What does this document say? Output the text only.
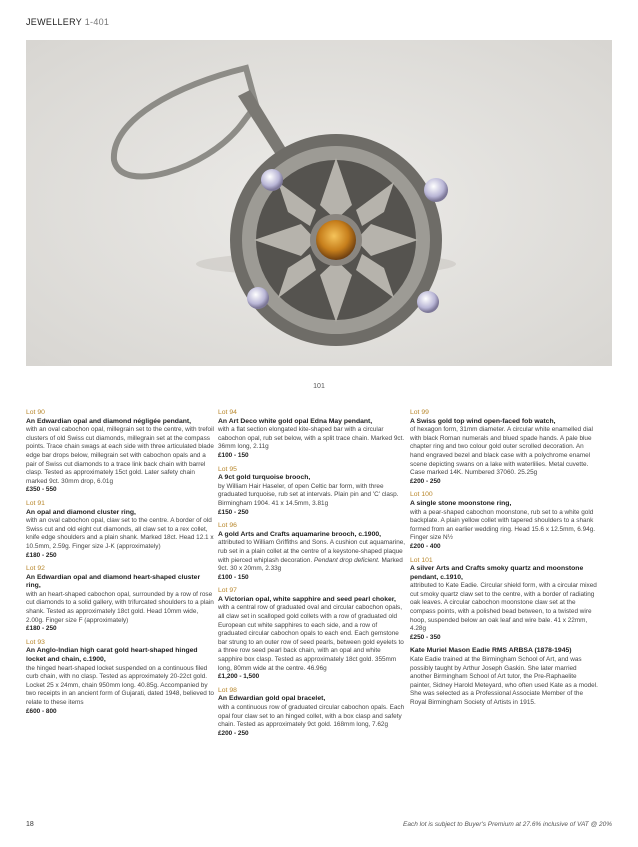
JEWELLERY 1-401
101
Lot 90
An Edwardian opal and diamond négligée pendant,
with an oval cabochon opal, millegrain set to the centre, with trefoil clusters of old Swiss cut diamonds, millegrain set at the compass points. Trace chain swags at each side with three articulated blade edge bar drops below, millegrain set with cabochon opals and a pair of Swiss cut diamonds to a trace link back chain with barrel clasp. Tested as approximately 15ct gold. Later safety chain marked 9ct. 30mm drop, 6.01g
£350 - 550
Lot 91
An opal and diamond cluster ring,
with an oval cabochon opal, claw set to the centre. A border of old Swiss cut and old eight cut diamonds, all claw set to a rex collet, knife edge shoulders and a plain shank. Marked 18ct. Head 12.1 x 10.5mm, 2.59g. Finger size J-K (approximately)
£180 - 250
Lot 92
An Edwardian opal and diamond heart-shaped cluster ring,
with an heart-shaped cabochon opal, surrounded by a row of rose cut diamonds to a solid gallery, with trifurcated shoulders to a plain shank. Tested as approximately 18ct gold. Head 10mm wide, 2.00g. Finger size F (approximately)
£180 - 250
Lot 93
An Anglo-Indian high carat gold heart-shaped hinged locket and chain, c.1900,
the hinged heart-shaped locket suspended on a continuous filed curb chain, with no clasp. Tested as approximately 20-22ct gold. Locket 25 x 24mm, chain 950mm long. 40.85g. Accompanied by two receipts in an ancient form of Gujarati, dated 1948, believed to relate to these items
£600 - 800
Lot 94
An Art Deco white gold opal Edna May pendant,
with a flat section elongated kite-shaped bar with a circular cabochon opal, rub set below, with a split trace chain. Marked 9ct. 36mm long, 2.11g
£100 - 150
Lot 95
A 9ct gold turquoise brooch,
by William Hair Haseler, of open Celtic bar form, with three graduated turquoise, rub set at intervals. Plain pin and 'C' clasp. Birmingham 1904. 41 x 14.5mm, 3.81g
£150 - 250
Lot 96
A gold Arts and Crafts aquamarine brooch, c.1900,
attributed to William Griffiths and Sons. A cushion cut aquamarine, rub set in a plain collet at the centre of a keystone-shaped plaque with pierced whiplash decoration. Pendant drop deficient. Marked 9ct. 30 x 20mm, 2.33g
£100 - 150
Lot 97
A Victorian opal, white sapphire and seed pearl choker,
with a central row of graduated oval and circular cabochon opals, all claw set in scalloped gold collets with a row of graduated old European cut white sapphires to each side, and a row of graduated circular cabochon opals to each end. Each gemstone bar strung to an outer row of seed pearls, between gold eyelets to a three row seed pearl back chain, with an opal and white sapphire box clasp. Tested as approximately 18ct gold. 355mm long, 80mm wide at the centre. 46.96g
£1,200 - 1,500
Lot 98
An Edwardian gold opal bracelet,
with a continuous row of graduated circular cabochon opals. Each opal four claw set to an hinged collet, with a box clasp and safety chain. Tested as approximately 9ct gold. 168mm long, 7.62g
£200 - 250
Lot 99
A Swiss gold top wind open-faced fob watch,
of hexagon form, 31mm diameter. A circular white enamelled dial with black Roman numerals and blued spade hands. A pale blue chapter ring and two colour gold outer scrolled decoration. An hand engraved bezel and black case with a polychrome enamel scene depicting swans on a lake with waterlilies. Metal cuvette. Case marked 14K. Numbered 37060. 25.25g
£200 - 250
Lot 100
A single stone moonstone ring,
with a pear-shaped cabochon moonstone, rub set to a white gold backplate. A plain yellow collet with tapered shoulders to a shank formed from an earlier wedding ring. Head 15.6 x 12.5mm, 6.94g. Finger size N½
£200 - 400
Lot 101
A silver Arts and Crafts smoky quartz and moonstone pendant, c.1910,
attributed to Kate Eadie. Circular shield form, with a circular mixed cut smoky quartz claw set to the centre, with a border of radiating oak leaves. A circular cabochon moonstone claw set at the compass points, with a polished bead between, to a twisted wire hoop, suspended below an oak leaf and wire bale. 41 x 22mm, 4.28g
£250 - 350
Kate Muriel Mason Eadie RMS ARBSA (1878-1945)
Kate Eadie trained at the Birmingham School of Art, and was possibly taught by Arthur Joseph Gaskin. She later married another Birmingham School of Art tutor, the Pre-Raphaelite painter, Sidney Harold Meteyard, who often used Kate as a model. She was selected as a Professional Associate Member of the Royal Birmingham Society of Artists in 1915.
18	Each lot is subject to Buyer's Premium at 27.6% inclusive of VAT @ 20%
